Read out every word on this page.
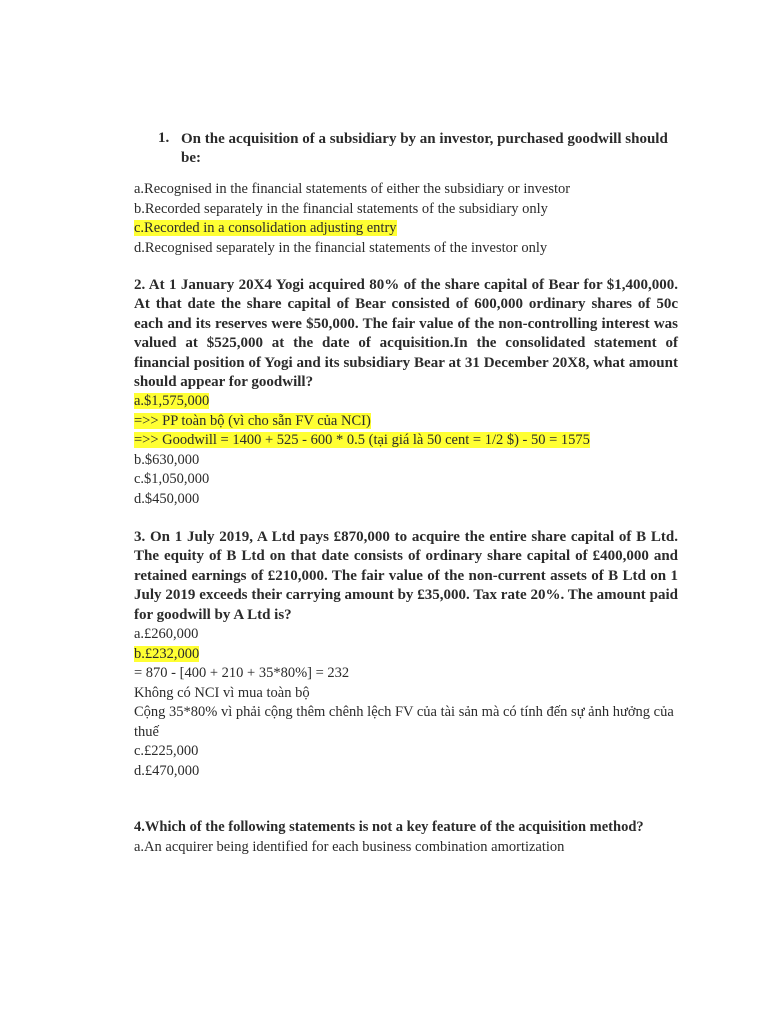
1. On the acquisition of a subsidiary by an investor, purchased goodwill should be:
a.Recognised in the financial statements of either the subsidiary or investor
b.Recorded separately in the financial statements of the subsidiary only
c.Recorded in a consolidation adjusting entry
d.Recognised separately in the financial statements of the investor only
2. At 1 January 20X4 Yogi acquired 80% of the share capital of Bear for $1,400,000. At that date the share capital of Bear consisted of 600,000 ordinary shares of 50c each and its reserves were $50,000. The fair value of the non-controlling interest was valued at $525,000 at the date of acquisition.In the consolidated statement of financial position of Yogi and its subsidiary Bear at 31 December 20X8, what amount should appear for goodwill?
a.$1,575,000
=>> PP toàn bộ (vì cho sẵn FV của NCI)
=>> Goodwill = 1400 + 525 - 600 * 0.5 (tại giá là 50 cent = 1/2 $) - 50 = 1575
b.$630,000
c.$1,050,000
d.$450,000
3. On 1 July 2019, A Ltd pays £870,000 to acquire the entire share capital of B Ltd. The equity of B Ltd on that date consists of ordinary share capital of £400,000 and retained earnings of £210,000. The fair value of the non-current assets of B Ltd on 1 July 2019 exceeds their carrying amount by £35,000. Tax rate 20%. The amount paid for goodwill by A Ltd is?
a.£260,000
b.£232,000
= 870 - [400 + 210 + 35*80%] = 232
Không có NCI vì mua toàn bộ
Cộng 35*80% vì phải cộng thêm chênh lệch FV của tài sản mà có tính đến sự ảnh hưởng của thuế
c.£225,000
d.£470,000
4.Which of the following statements is not a key feature of the acquisition method?
a.An acquirer being identified for each business combination amortization
